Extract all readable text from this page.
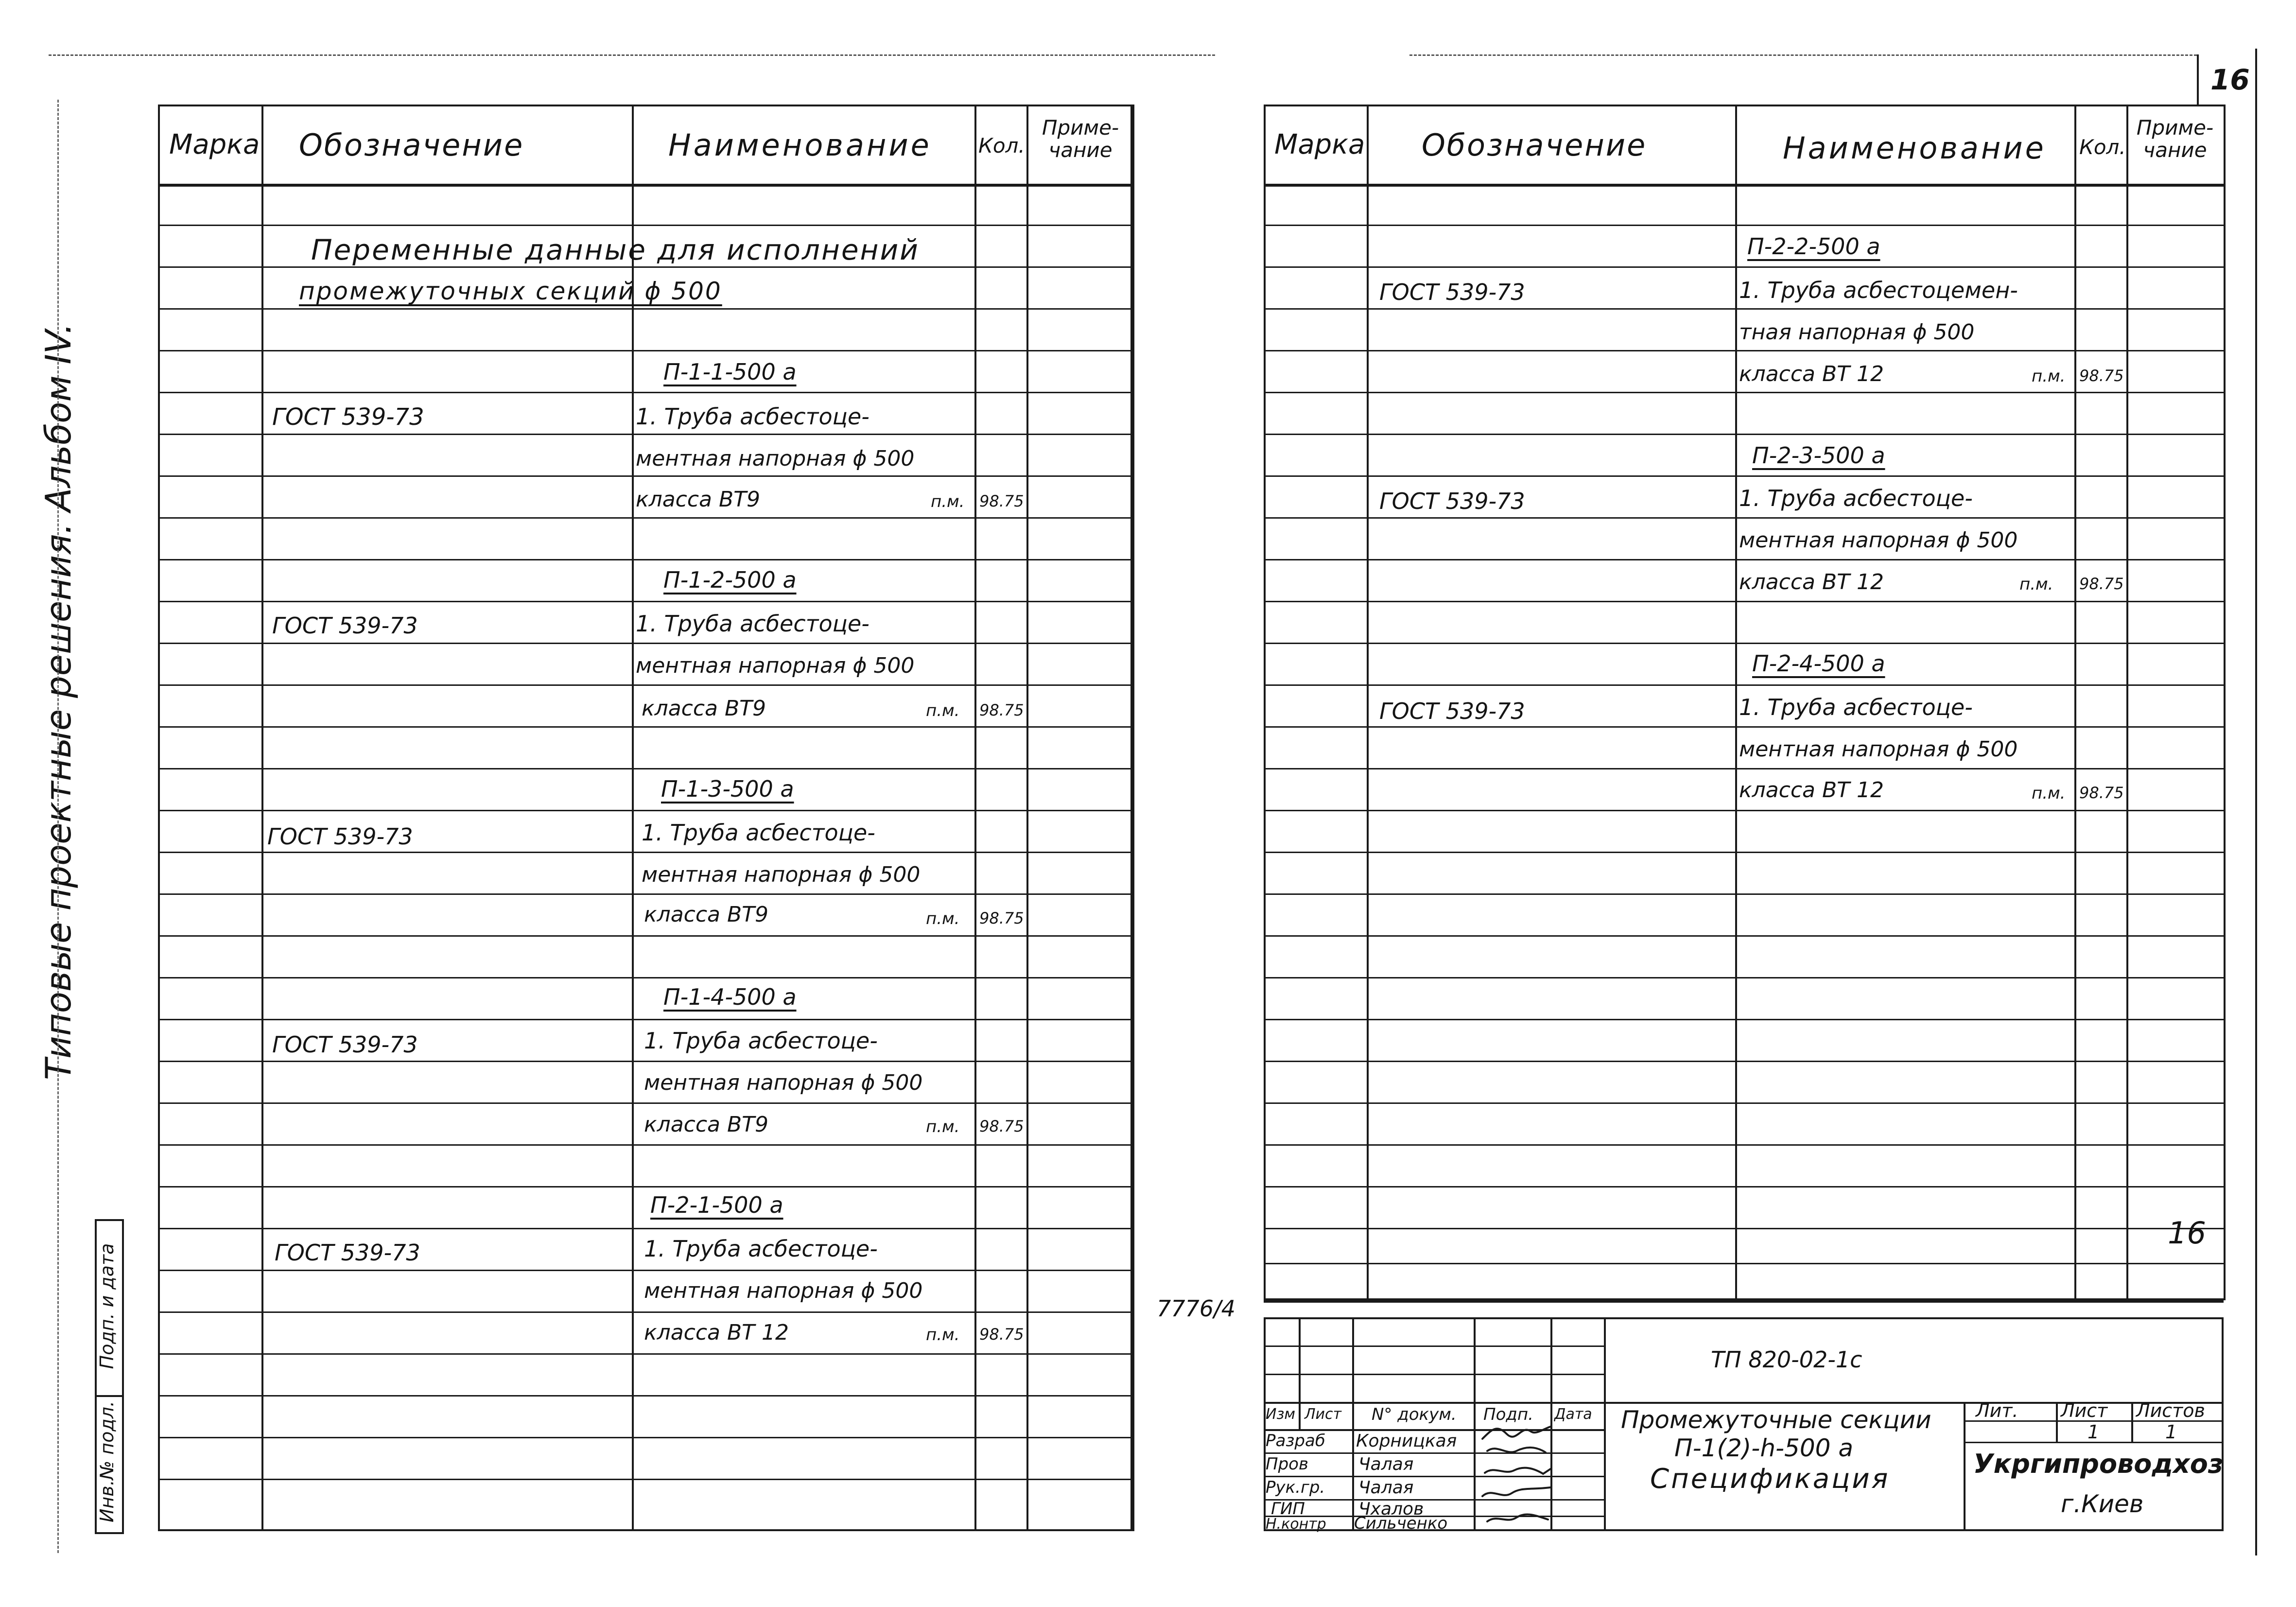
16
Типовые проектные решения. Альбом IV.
Подп. и дата
Инв.№ подл.
Марка Обозначение	Наименование Кол.
Приме-
чание
Переменные данные для исполнений
промежуточных секций ϕ 500
П-1-1-500 а
ГОСТ 539-73	1. Труба асбестоце-
ментная напорная ϕ 500
класса ВТ9	п.м. 98.75
П-1-2-500 а
ГОСТ 539-73	1. Труба асбестоце-
ментная напорная ϕ 500
класса ВТ9	п.м. 98.75
П-1-3-500 а
ГОСТ 539-73	1. Труба асбестоце-
ментная напорная ϕ 500
класса ВТ9	п.м. 98.75
П-1-4-500 а
ГОСТ 539-73	1. Труба асбестоце-
ментная напорная ϕ 500
класса ВТ9	п.м. 98.75
П-2-1-500 а
ГОСТ 539-73	1. Труба асбестоце-
ментная напорная ϕ 500
класса ВТ 12	п.м. 98.75
7776/4
Марка Обозначение	Наименование Кол.
Приме-
чание
П-2-2-500 а
ГОСТ 539-73	1. Труба асбестоцемен-
тная напорная ϕ 500
класса ВТ 12	п.м. 98.75
П-2-3-500 а
ГОСТ 539-73	1. Труба асбестоце-
ментная напорная ϕ 500
класса ВТ 12	п.м. 98.75
П-2-4-500 а
ГОСТ 539-73	1. Труба асбестоце-
ментная напорная ϕ 500
класса ВТ 12	п.м. 98.75
16
ТП 820-02-1с
Изм Лист N° докум. Подп. Дата
Разраб Корницкая
Пров	Чалая
Рук.гр. Чалая
ГИП	Чхалов
Н.контр Сильченко
Промежуточные секции
П-1(2)-h-500 а
Спецификация
Лит. Лист Листов
1	1
Укргипроводхоз
г.Киев
